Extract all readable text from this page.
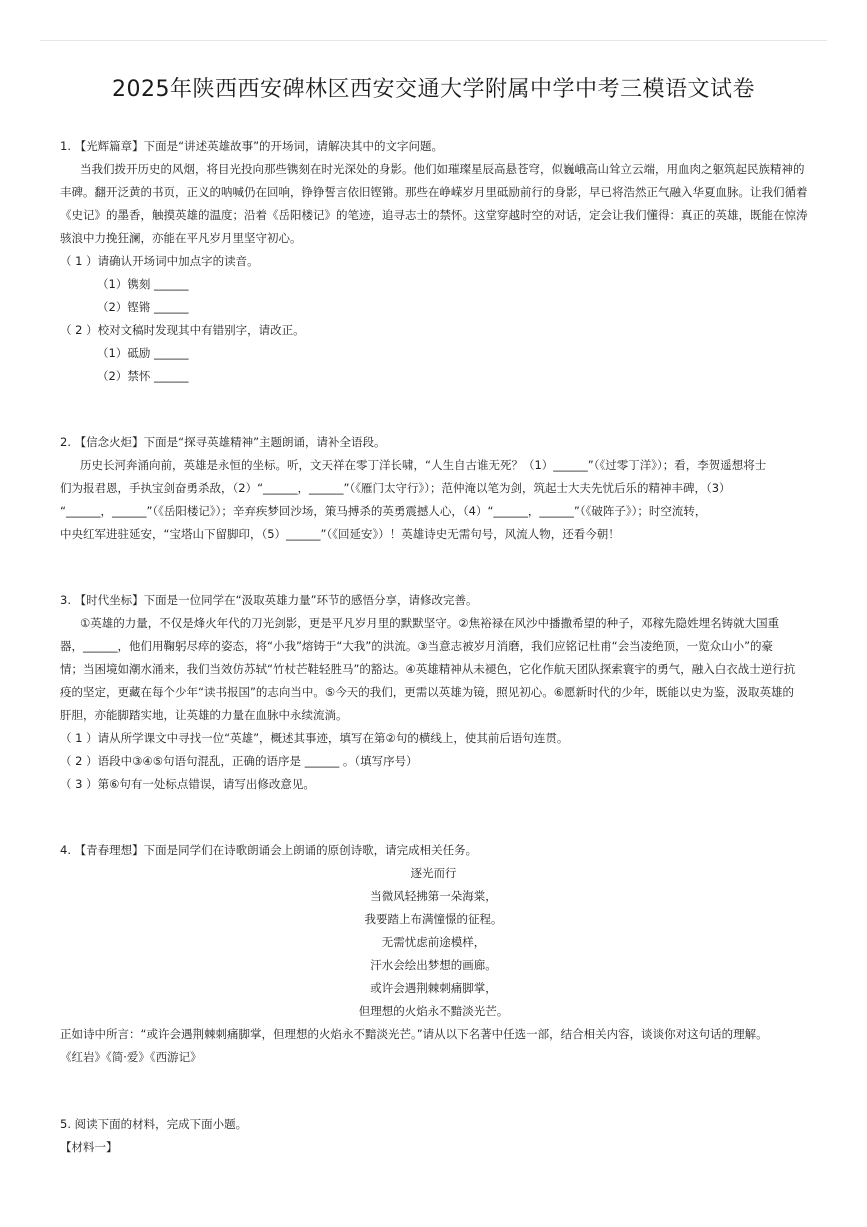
2025年陕西西安碑林区西安交通大学附属中学中考三模语文试卷
1. 【光辉篇章】下面是“讲述英雄故事”的开场词，请解决其中的文字问题。
当我们拨开历史的风烟，将目光投向那些镌刻在时光深处的身影。他们如璀璨星辰高悬苍穹，似巍峨高山耸立云端，用血肉之躯筑起民族精神的
丰碑。翻开泛黄的书页，正义的呐喊仍在回响，铮铮誓言依旧铿锵。那些在峥嵘岁月里砥励前行的身影，早已将浩然正气融入华夏血脉。让我们循着
《史记》的墨香，触摸英雄的温度；沿着《岳阳楼记》的笔迹，追寻志士的禁怀。这堂穿越时空的对话，定会让我们懂得：真正的英雄，既能在惊涛
骇浪中力挽狂澜，亦能在平凡岁月里坚守初心。
（ 1 ）请确认开场词中加点字的读音。
（1）镌刻 ______
（2）铿锵 ______
（ 2 ）校对文稿时发现其中有错别字，请改正。
（1）砥励 ______
（2）禁怀 ______
2. 【信念火炬】下面是“探寻英雄精神”主题朗诵，请补全语段。
历史长河奔涌向前，英雄是永恒的坐标。听，文天祥在零丁洋长啸，“人生自古谁无死？（1）______”（《过零丁洋》）；看，李贺遥想将士
们为报君恩，手执宝剑奋勇杀敌，（2）“______，______”（《雁门太守行》）；范仲淹以笔为剑，筑起士大夫先忧后乐的精神丰碑，（3）
“______，______”（《岳阳楼记》）；辛弃疾梦回沙场，策马搏杀的英勇震撼人心，（4）“______，______”（《破阵子》）；时空流转，
中央红军进驻延安，“宝塔山下留脚印，（5）______”（《回延安》）！英雄诗史无需句号，风流人物，还看今朝！
3. 【时代坐标】下面是一位同学在“汲取英雄力量”环节的感悟分享，请修改完善。
①英雄的力量，不仅是烽火年代的刀光剑影，更是平凡岁月里的默默坚守。②焦裕禄在风沙中播撒希望的种子，邓稼先隐姓埋名铸就大国重
器，______，他们用鞠躬尽瘁的姿态，将“小我”熔铸于“大我”的洪流。③当意志被岁月消磨，我们应铭记杜甫“会当凌绝顶，一览众山小”的豪
情；当困境如潮水涌来，我们当效仿苏轼“竹杖芒鞋轻胜马”的豁达。④英雄精神从未褪色，它化作航天团队探索寰宇的勇气，融入白衣战士逆行抗
疫的坚定，更藏在每个少年“读书报国”的志向当中。⑤今天的我们，更需以英雄为镜，照见初心。⑥愿新时代的少年，既能以史为鉴，汲取英雄的
肝胆，亦能脚踏实地，让英雄的力量在血脉中永续流淌。
（ 1 ）请从所学课文中寻找一位“英雄”，概述其事迹，填写在第②句的横线上，使其前后语句连贯。
（ 2 ）语段中③④⑤句语句混乱，正确的语序是 ______ 。（填写序号）
（ 3 ）第⑥句有一处标点错误，请写出修改意见。
4. 【青春理想】下面是同学们在诗歌朗诵会上朗诵的原创诗歌，请完成相关任务。
逐光而行
当微风轻拂第一朵海棠，
我要踏上布满憧憬的征程。
无需忧虑前途模样，
汗水会绘出梦想的画廊。
或许会遇荆棘刺痛脚掌，
但理想的火焰永不黯淡光芒。
正如诗中所言：“或许会遇荆棘刺痛脚掌，但理想的火焰永不黯淡光芒。”请从以下名著中任选一部，结合相关内容，谈谈你对这句话的理解。
《红岩》《简·爱》《西游记》
5. 阅读下面的材料，完成下面小题。
【材料一】
